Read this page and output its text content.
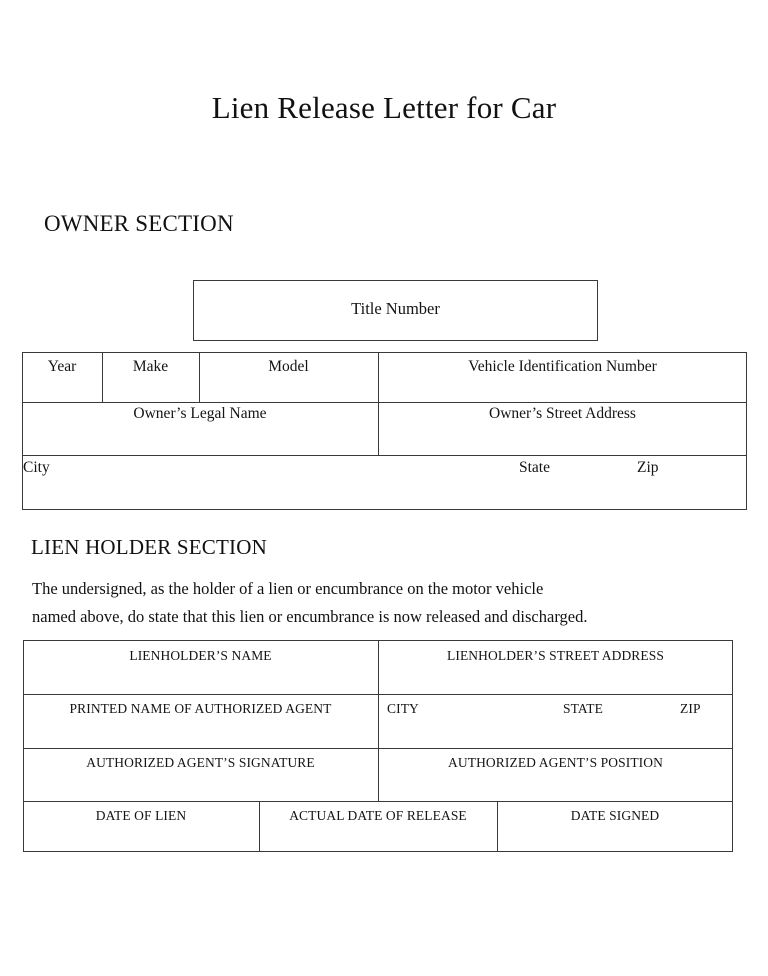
Lien Release Letter for Car
OWNER SECTION
Title Number
Year	Make	Model	Vehicle Identification Number
Owner’s Legal Name	Owner’s Street Address
City	State	Zip
LIEN HOLDER SECTION
The undersigned, as the holder of a lien or encumbrance on the motor vehicle
named above, do state that this lien or encumbrance is now released and discharged.
LIENHOLDER’S NAME	LIENHOLDER’S STREET ADDRESS
PRINTED NAME OF AUTHORIZED AGENT	CITY	STATE	ZIP
AUTHORIZED AGENT’S SIGNATURE	AUTHORIZED AGENT’S POSITION
DATE OF LIEN	ACTUAL DATE OF RELEASE	DATE SIGNED
